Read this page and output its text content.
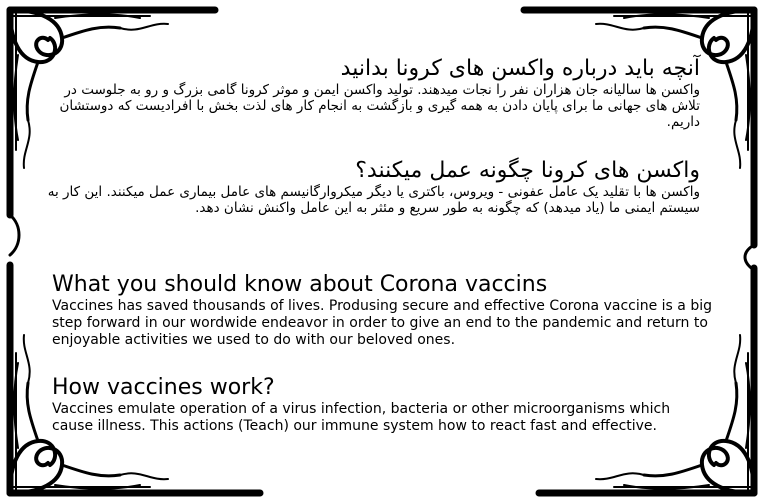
آنچه باید درباره واکسن های کرونا بدانید

واکسن ها سالیانه جان هزاران نفر را نجات میدهند. تولید واکسن ایمن و موثر کرونا گامی بزرگ و رو به جلوست در تلاش های جهانی ما برای پایان دادن به همه گیری و بازگشت به انجام کار های لذت بخش با افرادیست که دوستشان داریم.

واکسن های کرونا چگونه عمل میکنند؟

واکسن ها با تقلید یک عامل عفونی - ویروس، باکتری یا دیگر میکروارگانیسم های عامل بیماری عمل میکنند. این کار به سیستم ایمنی ما (یاد میدهد) که چگونه به طور سریع و مئثر به این عامل واکنش نشان دهد.

What you should know about Corona vaccins

Vaccines has saved thousands of lives. Produsing secure and effective Corona vaccine is a big step forward in our wordwide endeavor in order to give an end to the pandemic and return to enjoyable activities we used to do with our beloved ones.

How vaccines work?

Vaccines emulate operation of a virus infection, bacteria or other microorganisms which cause illness. This actions (Teach) our immune system how to react fast and effective.
